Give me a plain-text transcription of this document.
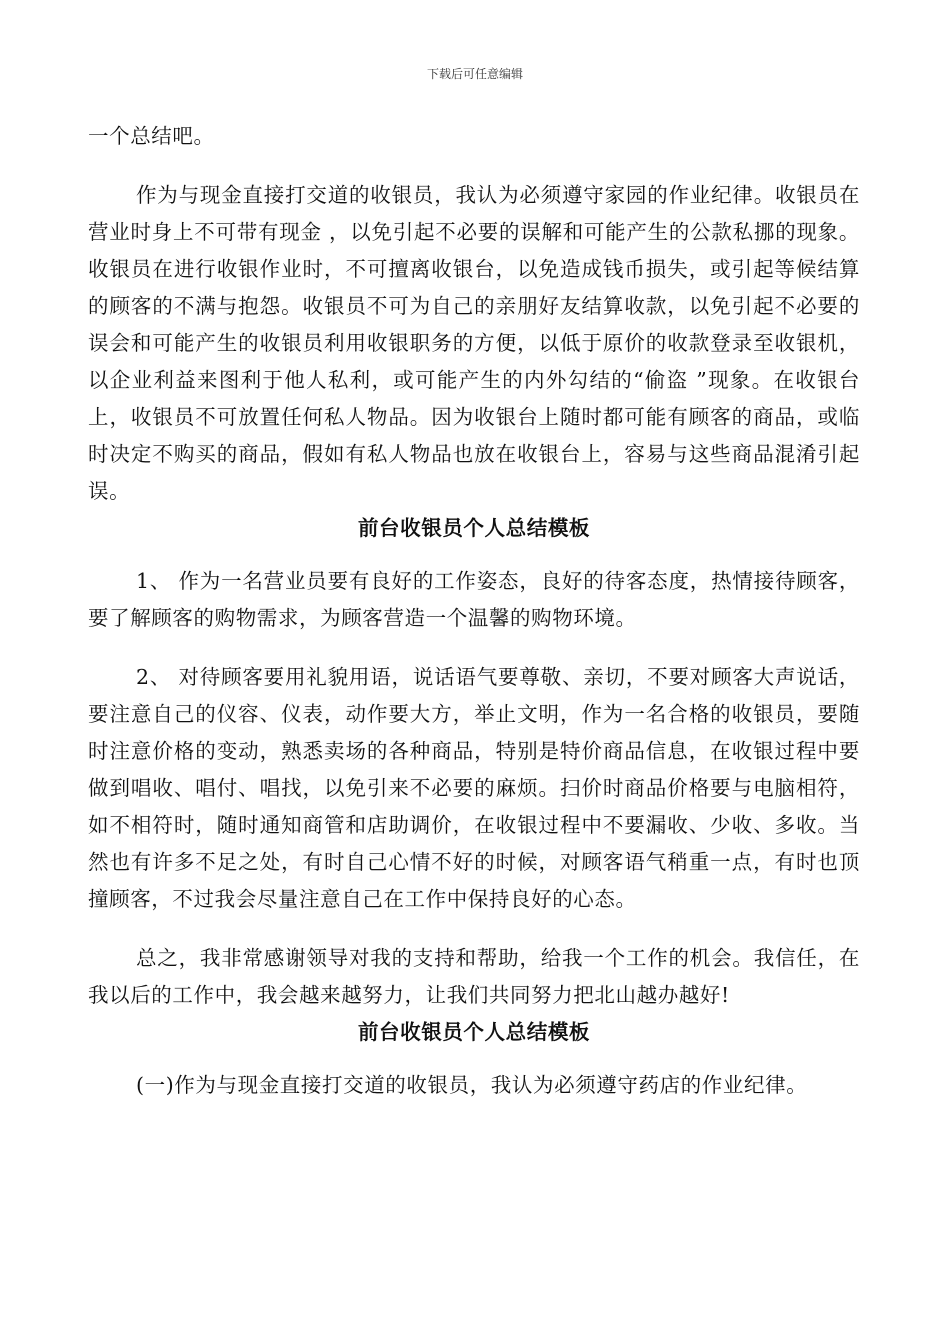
下载后可任意编辑

一个总结吧。

作为与现金直接打交道的收银员，我认为必须遵守家园的作业纪律。收银员在营业时身上不可带有现金 ，以免引起不必要的误解和可能产生的公款私挪的现象。收银员在进行收银作业时，不可擅离收银台，以免造成钱币损失，或引起等候结算的顾客的不满与抱怨。收银员不可为自己的亲朋好友结算收款，以免引起不必要的误会和可能产生的收银员利用收银职务的方便，以低于原价的收款登录至收银机，以企业利益来图利于他人私利，或可能产生的内外勾结的“偷盗 ”现象。在收银台上，收银员不可放置任何私人物品。因为收银台上随时都可能有顾客的商品，或临时决定不购买的商品，假如有私人物品也放在收银台上，容易与这些商品混淆引起误。

前台收银员个人总结模板

1、 作为一名营业员要有良好的工作姿态，良好的待客态度，热情接待顾客，要了解顾客的购物需求，为顾客营造一个温馨的购物环境。

2、 对待顾客要用礼貌用语，说话语气要尊敬、亲切，不要对顾客大声说话，要注意自己的仪容、仪表，动作要大方，举止文明，作为一名合格的收银员，要随时注意价格的变动，熟悉卖场的各种商品，特别是特价商品信息，在收银过程中要做到唱收、唱付、唱找，以免引来不必要的麻烦。扫价时商品价格要与电脑相符，如不相符时，随时通知商管和店助调价，在收银过程中不要漏收、少收、多收。当然也有许多不足之处，有时自己心情不好的时候，对顾客语气稍重一点，有时也顶撞顾客，不过我会尽量注意自己在工作中保持良好的心态。

总之，我非常感谢领导对我的支持和帮助，给我一个工作的机会。我信任，在我以后的工作中，我会越来越努力，让我们共同努力把北山越办越好!

前台收银员个人总结模板

(一)作为与现金直接打交道的收银员，我认为必须遵守药店的作业纪律。
